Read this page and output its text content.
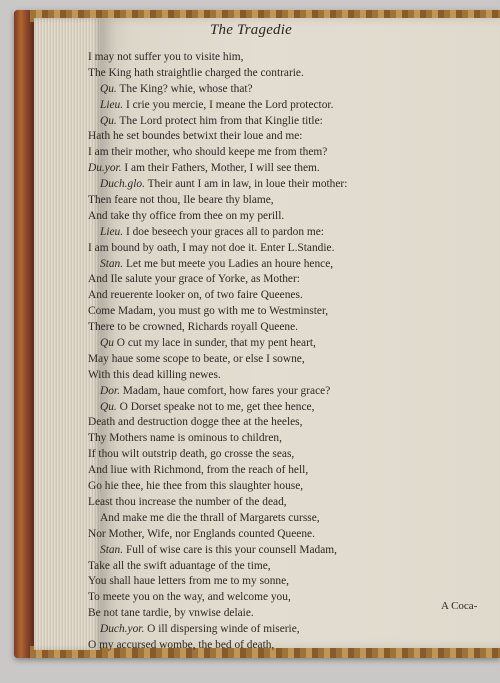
The Tragedie
I may not suffer you to visite him,
The King hath straightlie charged the contrarie.
Qu. The King? whie, whose that?
Lieu. I crie you mercie, I meane the Lord protector.
Qu. The Lord protect him from that Kinglie title:
Hath he set boundes betwixt their loue and me:
I am their mother, who should keepe me from them?
Du.yor. I am their Fathers, Mother, I will see them.
Duch.glo. Their aunt I am in law, in loue their mother:
Then feare not thou, Ile beare thy blame,
And take thy office from thee on my perill.
Lieu. I doe beseech your graces all to pardon me:
I am bound by oath, I may not doe it. Enter L.Standie.
Stan. Let me but meete you Ladies an houre hence,
And Ile salute your grace of Yorke, as Mother:
And reuerente looker on, of two faire Queenes.
Come Madam, you must go with me to Westminster,
There to be crowned, Richards royall Queene.
Qu O cut my lace in sunder, that my pent heart,
May haue some scope to beate, or else I sowne,
With this dead killing newes.
Dor. Madam, haue comfort, how fares your grace?
Qu. O Dorset speake not to me, get thee hence,
Death and destruction dogge thee at the heeles,
Thy Mothers name is ominous to children,
If thou wilt outstrip death, go crosse the seas,
And liue with Richmond, from the reach of hell,
Go hie thee, hie thee from this slaughter house,
Least thou increase the number of the dead,
And make me die the thrall of Margarets cursse,
Nor Mother, Wife, nor Englands counted Queene.
Stan. Full of wise care is this your counsell Madam,
Take all the swift aduantage of the time,
You shall haue letters from me to my sonne,
To meete you on the way, and welcome you,
Be not tane tardie, by vnwise delaie.
Duch.yor. O ill dispersing winde of miserie,
O my accursed wombe, the bed of death,
A Coca-
